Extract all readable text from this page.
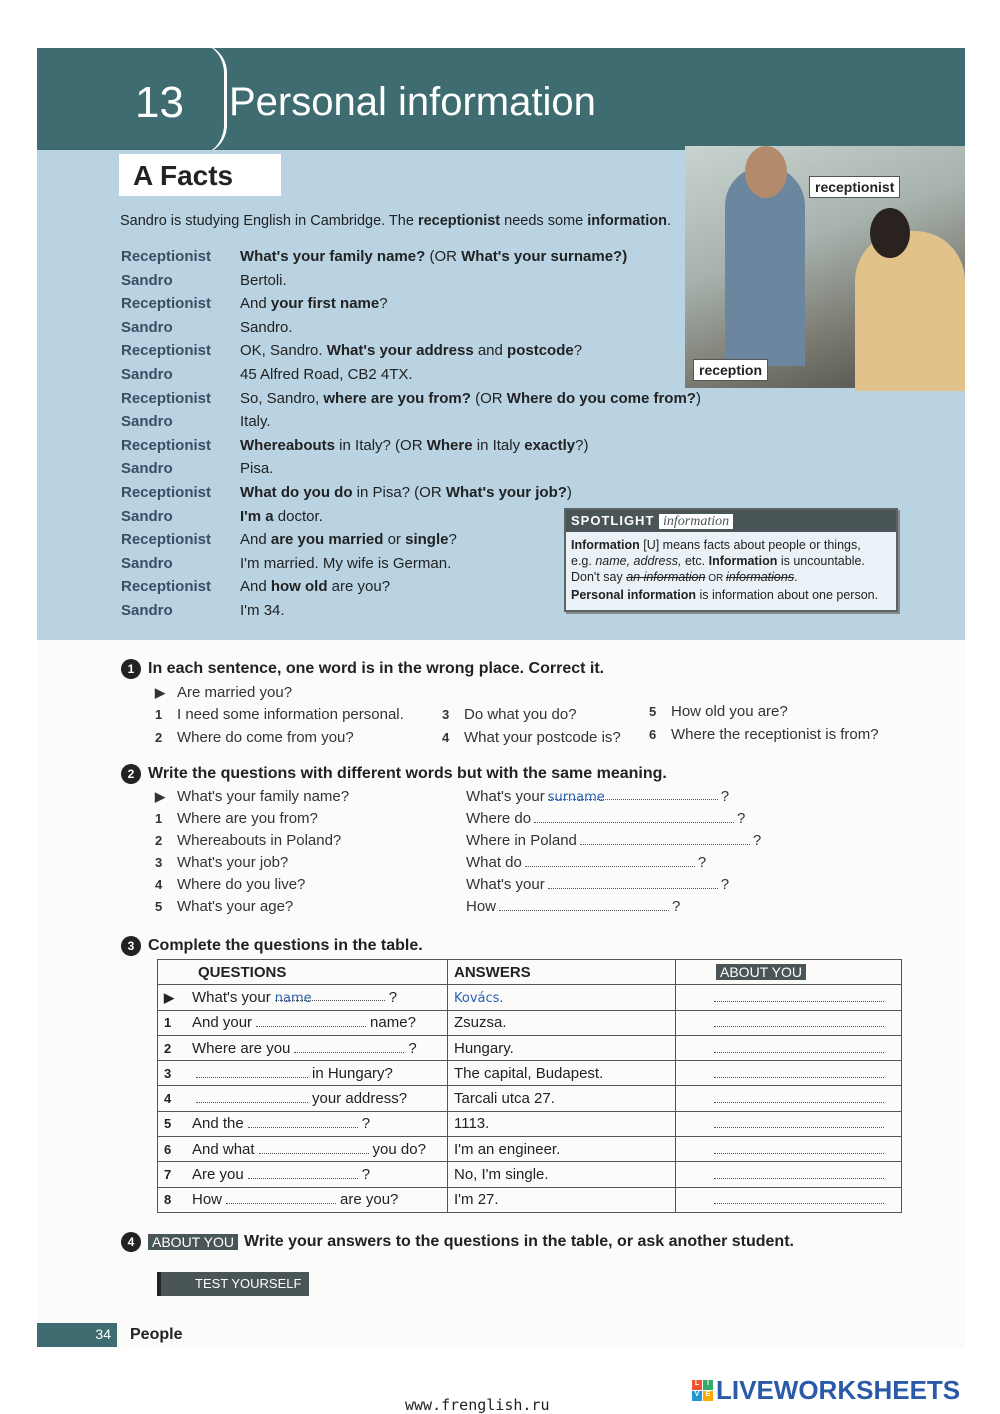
13 Personal information
A Facts	receptionist
reception
Sandro is studying English in Cambridge. The receptionist needs some information.
Receptionist	What's your family name? (OR What's your surname?)
Sandro	Bertoli.
Receptionist	And your first name?
Sandro	Sandro.
Receptionist	OK, Sandro. What's your address and postcode?
Sandro	45 Alfred Road, CB2 4TX.
Receptionist	So, Sandro, where are you from? (OR Where do you come from?)
Sandro	Italy.
Receptionist	Whereabouts in Italy? (OR Where in Italy exactly?)
Sandro	Pisa.
Receptionist	What do you do in Pisa? (OR What's your job?)
Sandro	I'm a doctor.
Receptionist	And are you married or single?
Sandro	I'm married. My wife is German.
Receptionist	And how old are you?
Sandro	I'm 34.
SPOTLIGHT information
Information [U] means facts about people or things,
e.g. name, address, etc. Information is uncountable.
Don't say an information OR informations.
Personal information is information about one person.
1 In each sentence, one word is in the wrong place. Correct it.
▶ Are married you?
1 I need some information personal.
2 Where do come from you?
3 Do what you do?
4 What your postcode is?
5 How old you are?
6 Where the receptionist is from?
2 Write the questions with different words but with the same meaning.
▶ What's your family name?	What's your surname	?
1 Where are you from?	Where do	?
2 Whereabouts in Poland?	Where in Poland	?
3 What's your job?	What do	?
4 Where do you live?	What's your	?
5 What's your age?	How	?
3 Complete the questions in the table.
QUESTIONS	ANSWERS	ABOUT YOU
▶ What's your name ?	Kovács.	
1 And your name?	Zsuzsa.	
2 Where are you ?	Hungary.	
3 in Hungary?	The capital, Budapest.	
4 your address?	Tarcali utca 27.	
5 And the ?	1113.	
6 And what you do?	I'm an engineer.	
7 Are you ?	No, I'm single.	
8 How are you?	I'm 27.	
4	ABOUT YOU Write your answers to the questions in the table, or ask another student.
TEST YOURSELF
34	People
www.frenglish.ru
L	I
V E LIVEWORKSHEETS
